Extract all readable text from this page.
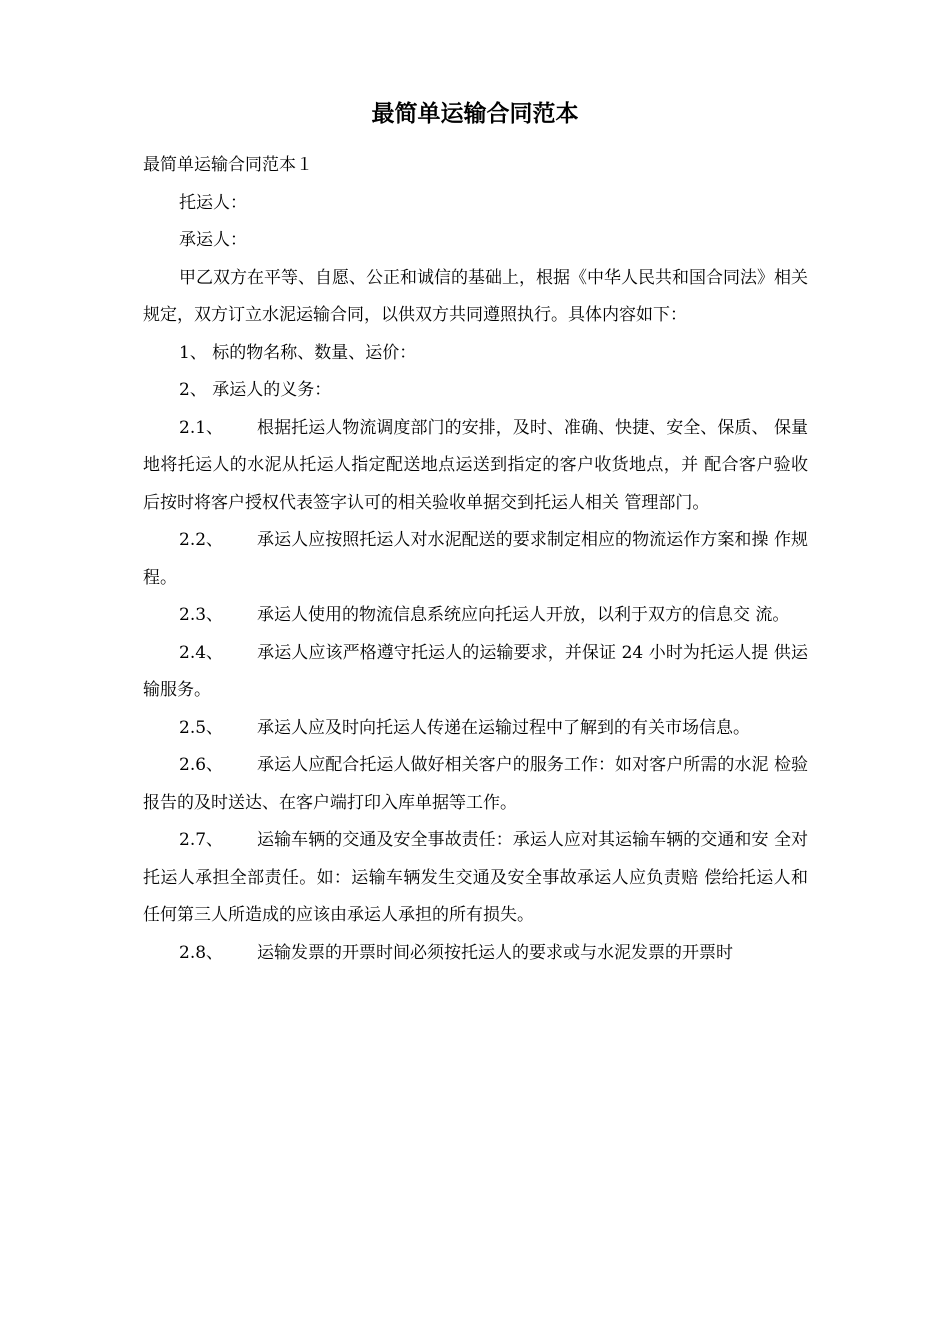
最简单运输合同范本

最简单运输合同范本１

托运人：

承运人：

甲乙双方在平等、自愿、公正和诚信的基础上，根据《中华人民共和国合同法》相关规定，双方订立水泥运输合同，以供双方共同遵照执行。具体内容如下：

1、 标的物名称、数量、运价：

2、 承运人的义务：

2.1、 根据托运人物流调度部门的安排，及时、准确、快捷、安全、保质、 保量地将托运人的水泥从托运人指定配送地点运送到指定的客户收货地点，并 配合客户验收后按时将客户授权代表签字认可的相关验收单据交到托运人相关 管理部门。

2.2、 承运人应按照托运人对水泥配送的要求制定相应的物流运作方案和操 作规程。

2.3、 承运人使用的物流信息系统应向托运人开放，以利于双方的信息交 流。

2.4、 承运人应该严格遵守托运人的运输要求，并保证 24 小时为托运人提 供运输服务。

2.5、 承运人应及时向托运人传递在运输过程中了解到的有关市场信息。

2.6、 承运人应配合托运人做好相关客户的服务工作：如对客户所需的水泥 检验报告的及时送达、在客户端打印入库单据等工作。

2.7、 运输车辆的交通及安全事故责任：承运人应对其运输车辆的交通和安 全对托运人承担全部责任。如：运输车辆发生交通及安全事故承运人应负责赔 偿给托运人和任何第三人所造成的应该由承运人承担的所有损失。

2.8、 运输发票的开票时间必须按托运人的要求或与水泥发票的开票时
